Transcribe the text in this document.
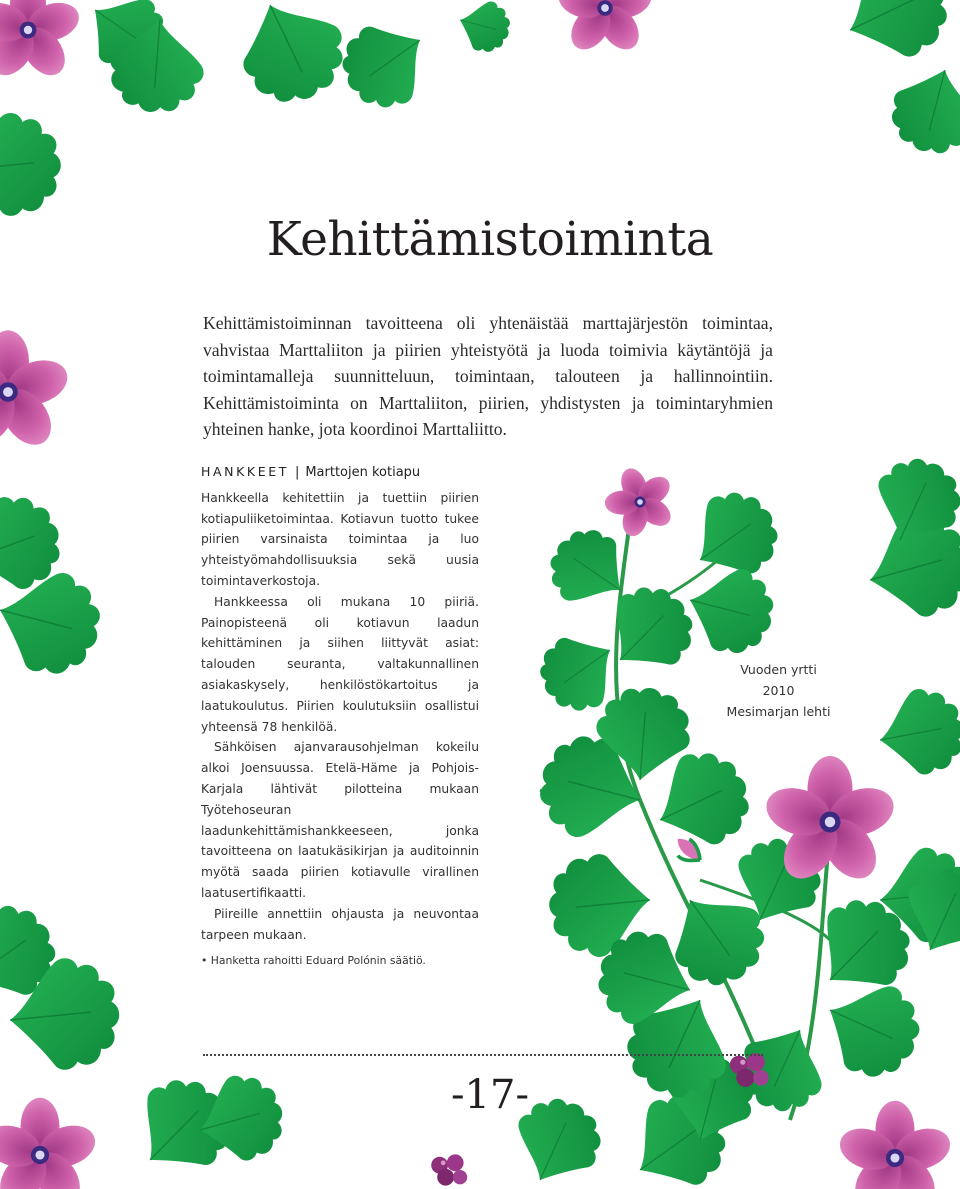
Kehittämistoiminta

Kehittämistoiminnan tavoitteena oli yhtenäistää marttajärjestön toimintaa, vahvistaa Marttaliiton ja piirien yhteistyötä ja luoda toimivia käytäntöjä ja toimintamalleja suunnitteluun, toimintaan, talouteen ja hallinnointiin. Kehittämistoiminta on Marttaliiton, piirien, yhdistysten ja toimintaryhmien yhteinen hanke, jota koordinoi Marttaliitto.

HANKKEET | Marttojen kotiapu

Hankkeella kehitettiin ja tuettiin piirien kotiapuliiketoimintaa. Kotiavun tuotto tukee piirien varsinaista toimintaa ja luo yhteistyömahdollisuuksia sekä uusia toimintaverkostoja.

Hankkeessa oli mukana 10 piiriä. Painopisteenä oli kotiavun laadun kehittäminen ja siihen liittyvät asiat: talouden seuranta, valtakunnallinen asiakaskysely, henkilöstökartoitus ja laatukoulutus. Piirien koulutuksiin osallistui yhteensä 78 henkilöä.

Sähköisen ajanvarausohjelman kokeilu alkoi Joensuussa. Etelä-Häme ja Pohjois-Karjala lähtivät pilotteina mukaan Työtehoseuran laadunkehittämishankkeeseen, jonka tavoitteena on laatukäsikirjan ja auditoinnin myötä saada piirien kotiavulle virallinen laatusertifikaatti.

Piireille annettiin ohjausta ja neuvontaa tarpeen mukaan.

• Hanketta rahoitti Eduard Polónin säätiö.

Vuoden yrtti
2010
Mesimarjan lehti
-17-
